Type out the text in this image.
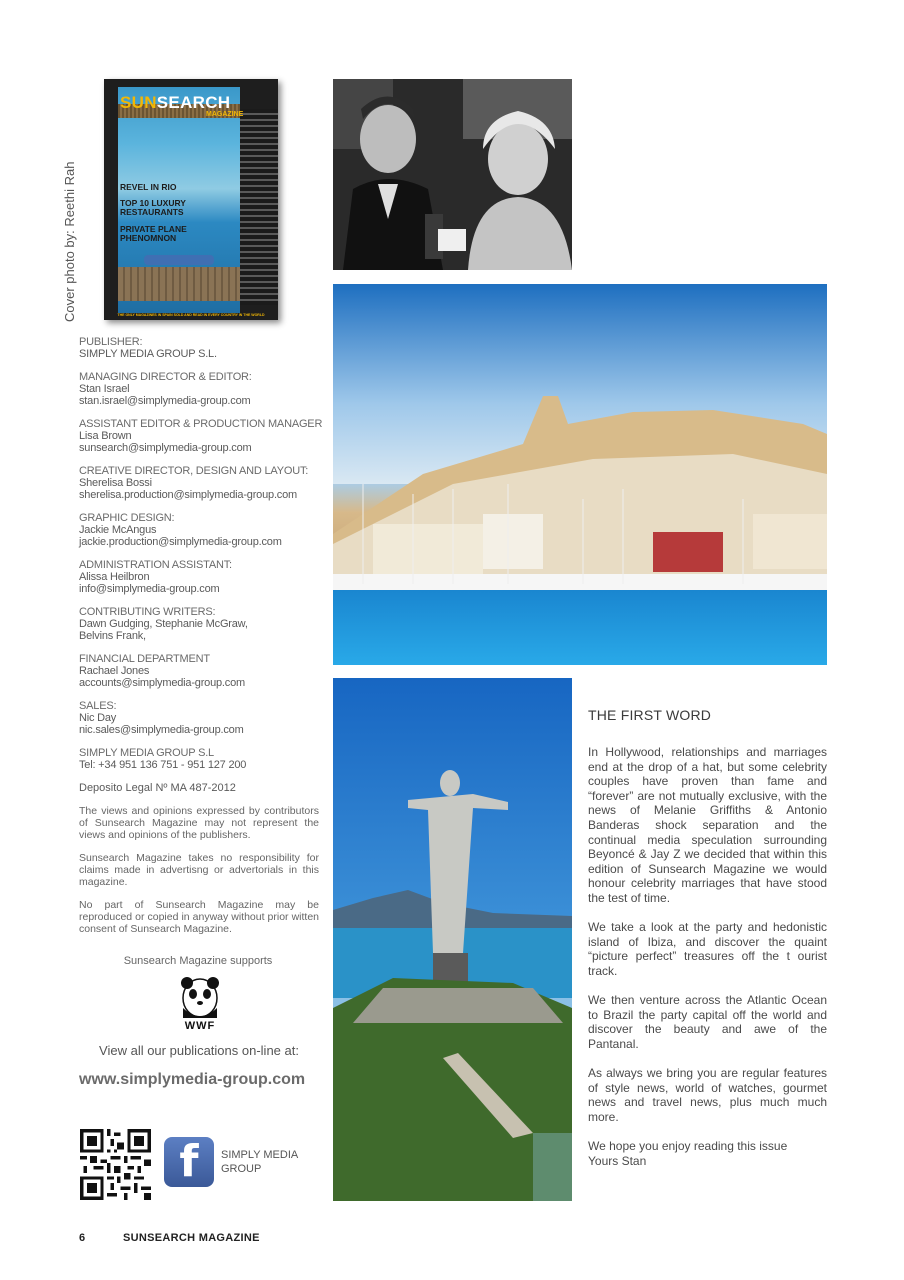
Cover photo by: Reethi Rah
SUNSEARCH
MAGAZINE
REVEL IN RIO
TOP 10 LUXURY RESTAURANTS
PRIVATE PLANE PHENOMNON
THE ONLY MAGAZINES IN SPAIN SOLD AND READ IN EVERY COUNTRY IN THE WORLD
PUBLISHER:
SIMPLY MEDIA GROUP S.L.
MANAGING DIRECTOR & EDITOR:
Stan Israel
stan.israel@simplymedia-group.com
ASSISTANT EDITOR & PRODUCTION MANAGER
Lisa Brown
sunsearch@simplymedia-group.com
CREATIVE DIRECTOR, DESIGN AND LAYOUT:
Sherelisa Bossi
sherelisa.production@simplymedia-group.com
GRAPHIC DESIGN:
Jackie McAngus
jackie.production@simplymedia-group.com
ADMINISTRATION ASSISTANT:
Alissa Heilbron
info@simplymedia-group.com
CONTRIBUTING WRITERS:
Dawn Gudging, Stephanie McGraw,
Belvins Frank,
FINANCIAL DEPARTMENT
Rachael Jones
accounts@simplymedia-group.com
SALES:
Nic Day
nic.sales@simplymedia-group.com
SIMPLY MEDIA GROUP S.L
Tel: +34 951 136 751 - 951 127 200
Deposito Legal Nº MA 487-2012
The views and opinions expressed by contributors of Sunsearch Magazine may not represent the views and opinions of the publishers.
Sunsearch Magazine takes no responsibility for claims made in advertisng or advertorials in this magazine.
No part of Sunsearch Magazine may be reproduced or copied in anyway without prior witten consent of Sunsearch Magazine.
Sunsearch Magazine supports
WWF
View all our publications on-line at:
www.simplymedia-group.com
f	SIMPLY MEDIA
GROUP
6	SUNSEARCH MAGAZINE
THE FIRST WORD

In Hollywood, relationships and marriages end at the drop of a hat, but some celebrity couples have proven than fame and “forever” are not mutually exclusive, with the news of Melanie Griffiths & Antonio Banderas shock separation and the continual media speculation surrounding Beyoncé & Jay Z we decided that within this edition of Sunsearch Magazine we would honour celebrity marriages that have stood the test of time.

We take a look at the party and hedonistic island of Ibiza, and discover the quaint “picture perfect” treasures off the t ourist track.

We then venture across the Atlantic Ocean to Brazil the party capital off the world and discover the beauty and awe of the Pantanal.

As always we bring you are regular features of style news, world of watches, gourmet news and travel news, plus much much more.

We hope you enjoy reading this issue

Yours Stan
